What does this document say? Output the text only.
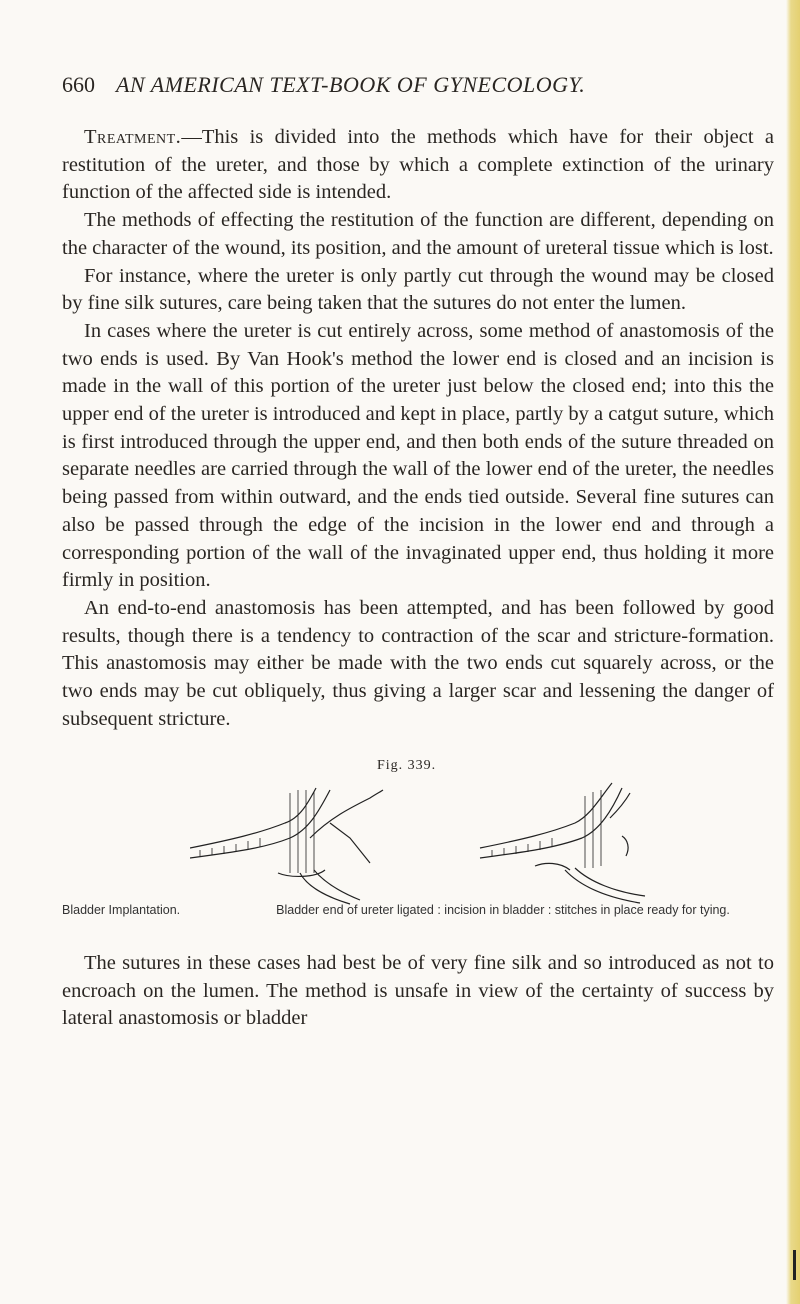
660 AN AMERICAN TEXT-BOOK OF GYNECOLOGY.

Treatment.—This is divided into the methods which have for their object a restitution of the ureter, and those by which a complete extinction of the urinary function of the affected side is intended.

The methods of effecting the restitution of the function are different, depending on the character of the wound, its position, and the amount of ureteral tissue which is lost.

For instance, where the ureter is only partly cut through the wound may be closed by fine silk sutures, care being taken that the sutures do not enter the lumen.

In cases where the ureter is cut entirely across, some method of anastomosis of the two ends is used. By Van Hook's method the lower end is closed and an incision is made in the wall of this portion of the ureter just below the closed end; into this the upper end of the ureter is introduced and kept in place, partly by a catgut suture, which is first introduced through the upper end, and then both ends of the suture threaded on separate needles are carried through the wall of the lower end of the ureter, the needles being passed from within outward, and the ends tied outside. Several fine sutures can also be passed through the edge of the incision in the lower end and through a corresponding portion of the wall of the invaginated upper end, thus holding it more firmly in position.

An end-to-end anastomosis has been attempted, and has been followed by good results, though there is a tendency to contraction of the scar and stricture-formation. This anastomosis may either be made with the two ends cut squarely across, or the two ends may be cut obliquely, thus giving a larger scar and lessening the danger of subsequent stricture.

Fig. 339.
Bladder Implantation.	Bladder end of ureter ligated : incision in bladder : stitches in place ready for tying.

The sutures in these cases had best be of very fine silk and so introduced as not to encroach on the lumen. The method is unsafe in view of the certainty of success by lateral anastomosis or bladder
